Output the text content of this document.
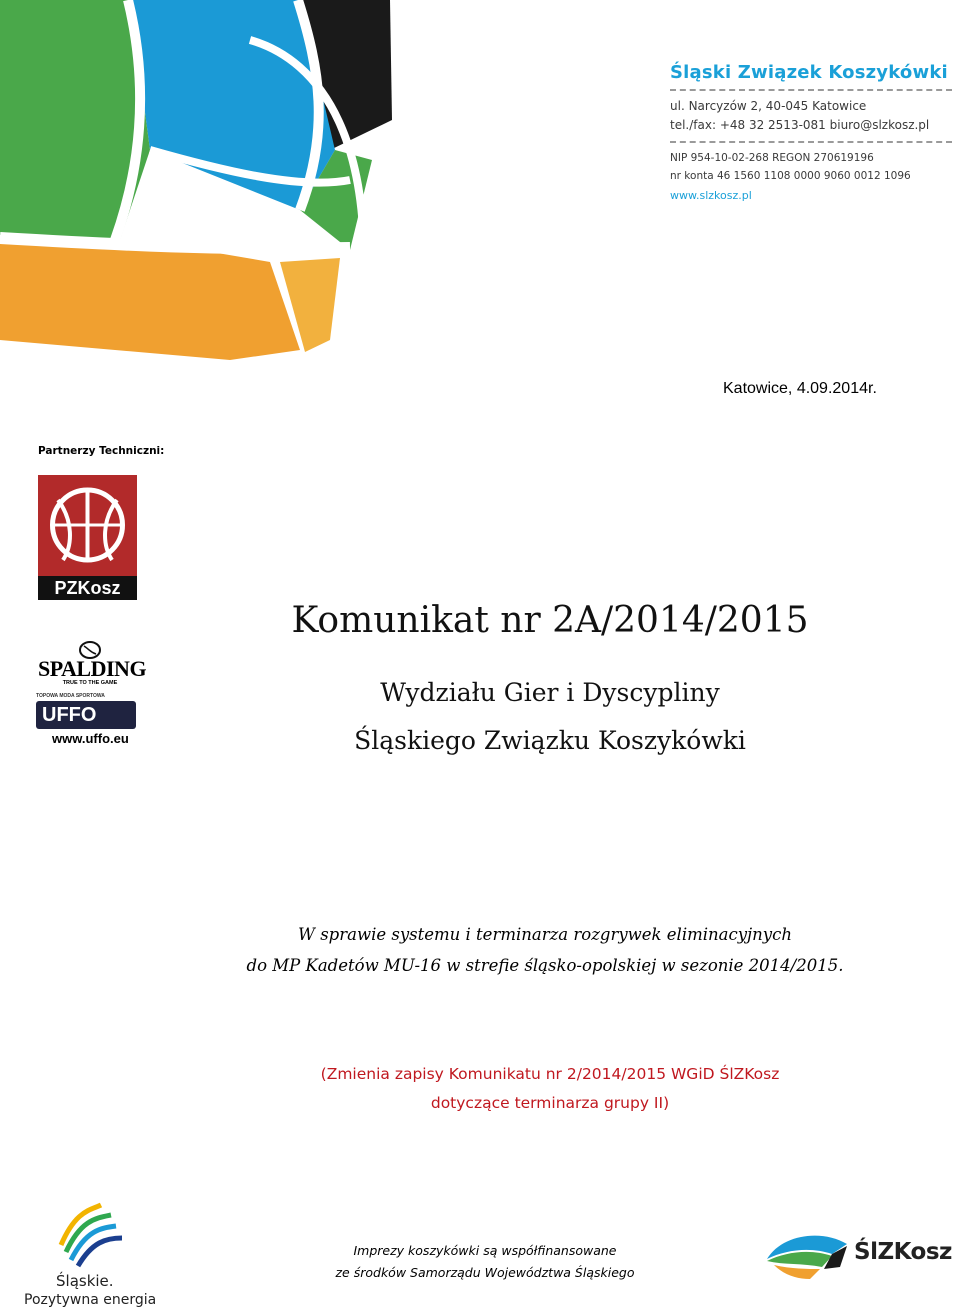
Śląski Związek Koszykówki
ul. Narcyzów 2, 40-045 Katowice
tel./fax: +48 32 2513-081 biuro@slzkosz.pl
NIP 954-10-02-268 REGON 270619196
nr konta 46 1560 1108 0000 9060 0012 1096
www.slzkosz.pl
Katowice, 4.09.2014r.
Partnerzy Techniczni:
PZKosz
SPALDING
TRUE TO THE GAME
TOPOWA MODA SPORTOWA
UFFO
www.uffo.eu
Komunikat nr 2A/2014/2015
Wydziału Gier i Dyscypliny
Śląskiego Związku Koszykówki
W sprawie systemu i terminarza rozgrywek eliminacyjnych
do MP Kadetów MU-16 w strefie śląsko-opolskiej w sezonie 2014/2015.
(Zmienia zapisy Komunikatu nr 2/2014/2015 WGiD ŚlZKosz
dotyczące terminarza grupy II)
Śląskie.
Pozytywna energia
Imprezy koszykówki są współfinansowane
ze środków Samorządu Województwa Śląskiego
ŚlZKosz
